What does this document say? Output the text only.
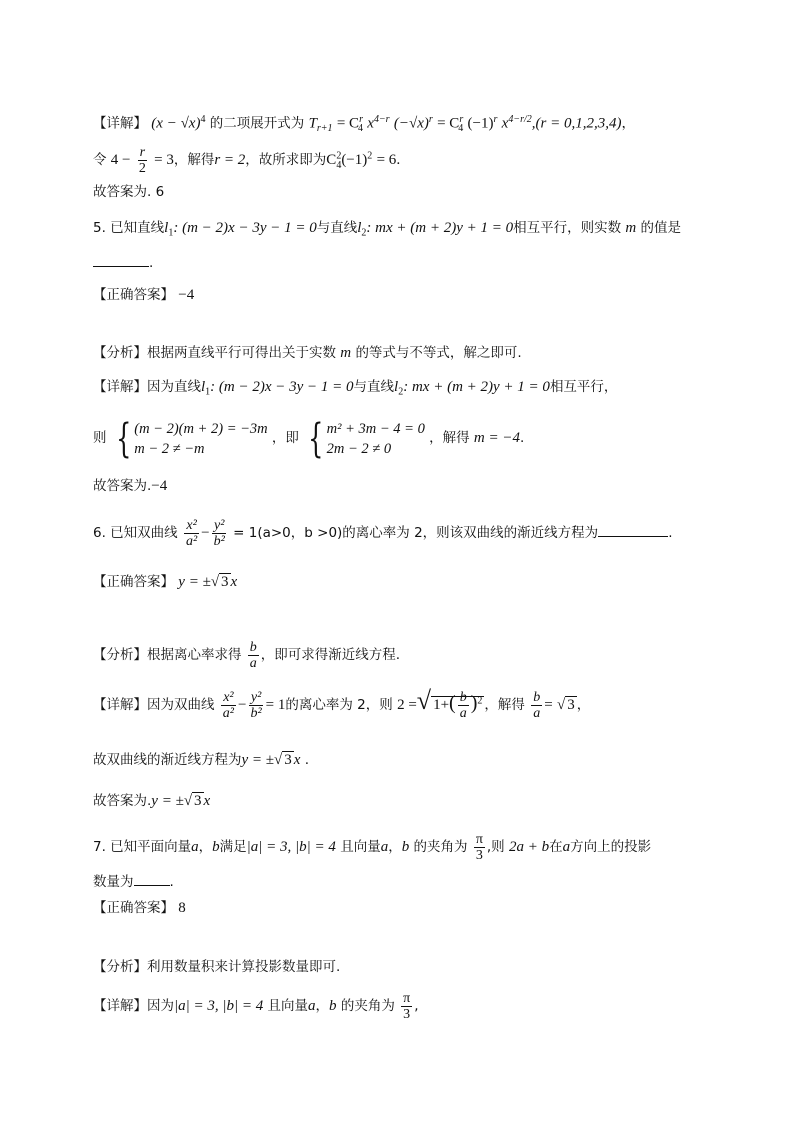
【详解】 $(x - √x)^4$ 的二项展开式为 $T_{r+1} = C^r_4$ $x^{4-r}$ $(-√x)^r = C^r_4$ $(-1)^r$ $x^{4-r/2},(r = 0,1,2,3,4)$，
令 $4 - \frac{r}{2} = 3$，解得r = 2，故所求即为$C^2_4(-1)^2 = 6$．
故答案为. 6
5. 已知直线$l_1$: (m − 2)x − 3y − 1 = 0与直线$l_2$: mx + (m + 2)y + 1 = 0相互平行，则实数 m 的值是
.
【正确答案】 −4
【分析】根据两直线平行可得出关于实数 m 的等式与不等式，解之即可.
【详解】因为直线$l_1$: (m − 2)x − 3y − 1 = 0与直线$l_2$: mx + (m + 2)y + 1 = 0相互平行，
则 { (m − 2)(m + 2) = −3m
m − 2 ≠ −m
，即 { m² + 3m − 4 = 0
2m − 2 ≠ 0
，解得 m = −4.
故答案为.−4
6. 已知双曲线 $\frac{\text{x²}}{\text{a²}} - \frac{\text{y²}}{\text{b²}} = 1(a>0$，b >0)的离心率为 2，则该双曲线的渐近线方程为	.
【正确答案】 y = ±√ 3 x
【分析】根据离心率求得 $\frac{b}{a}$ ，即可求得渐近线方程.
【详解】因为双曲线 $\frac{\text{x²}}{\text{a²}} - \frac{\text{y²}}{\text{b²}} = 1$的离心率为 2，则 2 =√ $1+( \frac{b}{a} )^2$ ，解得 $\frac{b}{a}$ = √ 3 ，
故双曲线的渐近线方程为y = ±√ 3 x .
故答案为.y = ±√ 3 x
7. 已知平面向量a，b满足|a| = 3, |b| = 4 且向量a，b 的夹角为 $\frac{\pi}{3}$ ,则 2a + b在a方向上的投影
数量为	.
【正确答案】 8
【分析】利用数量积来计算投影数量即可.
【详解】因为|a| = 3, |b| = 4 且向量a，b 的夹角为 $\frac{\pi}{3}$ ,
